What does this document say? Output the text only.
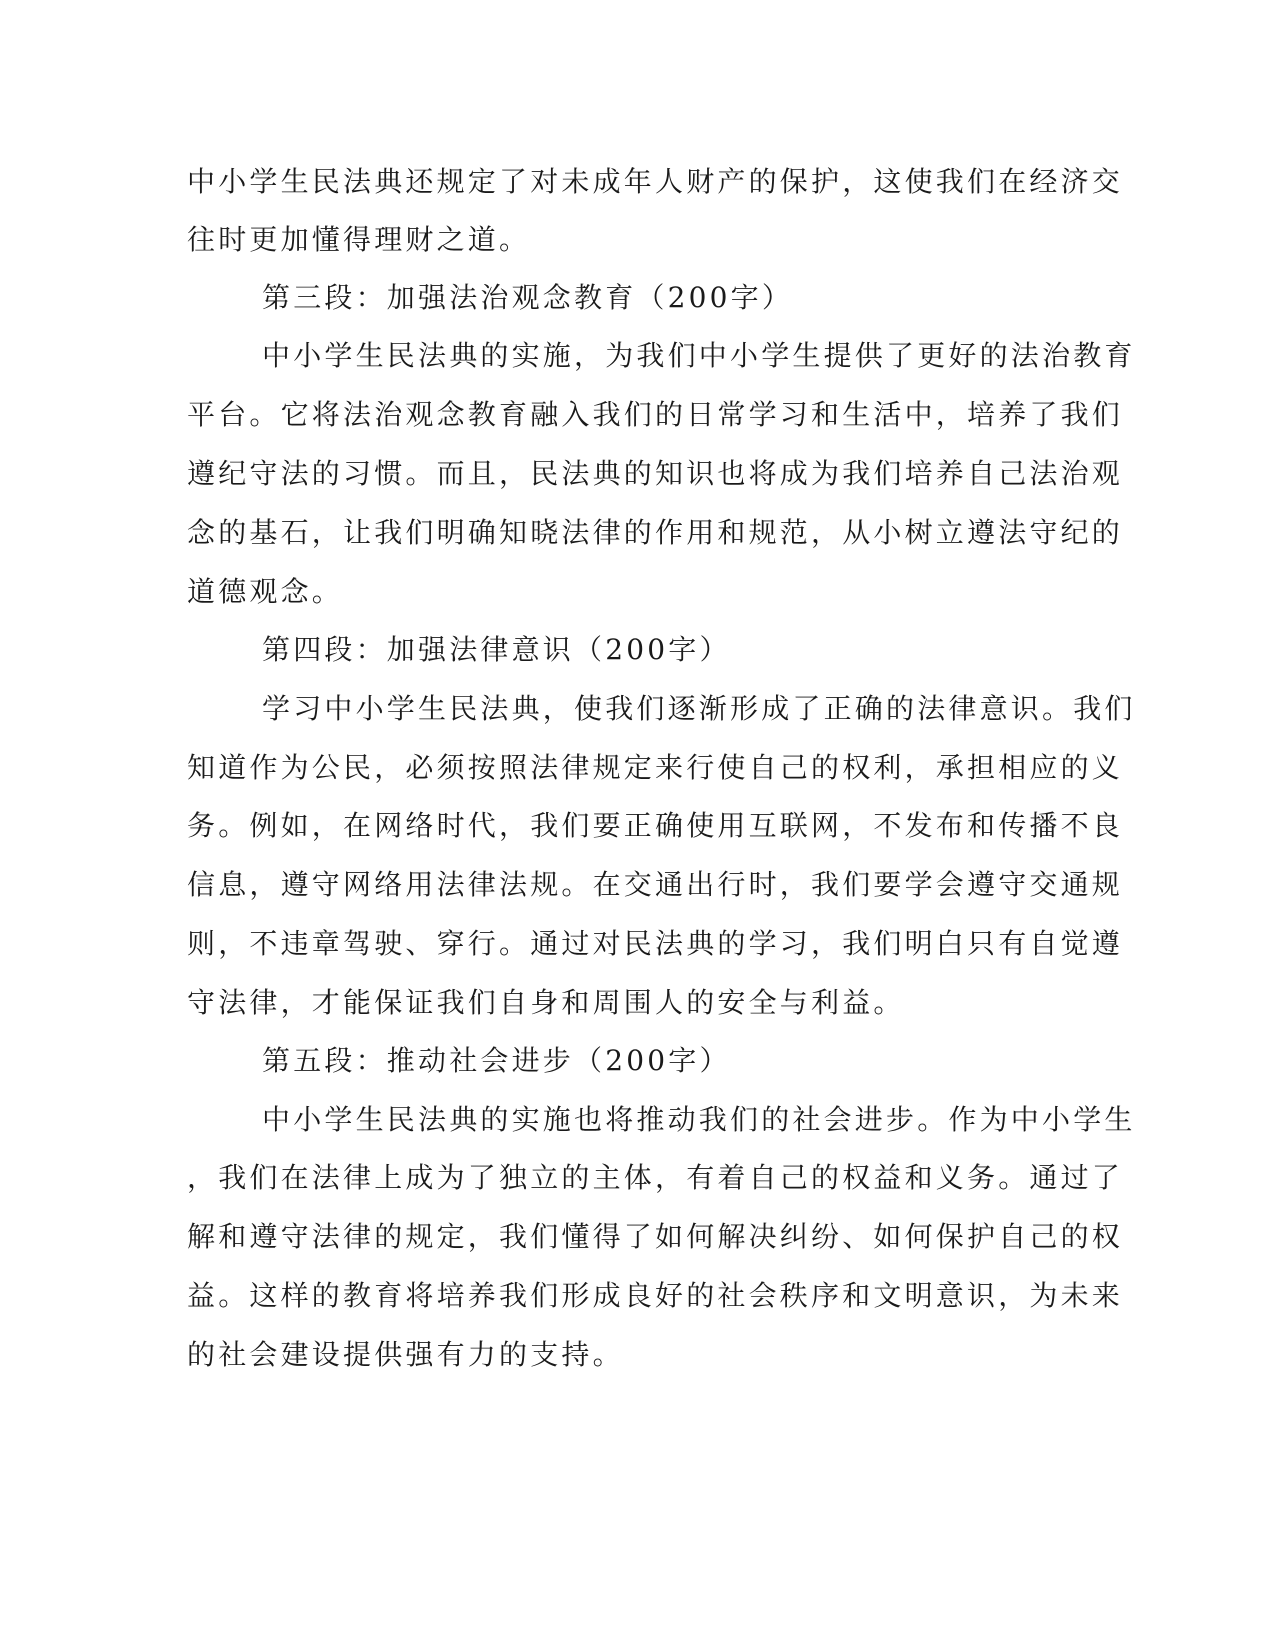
中小学生民法典还规定了对未成年人财产的保护，这使我们在经济交
往时更加懂得理财之道。
第三段：加强法治观念教育（200字）
中小学生民法典的实施，为我们中小学生提供了更好的法治教育
平台。它将法治观念教育融入我们的日常学习和生活中，培养了我们
遵纪守法的习惯。而且，民法典的知识也将成为我们培养自己法治观
念的基石，让我们明确知晓法律的作用和规范，从小树立遵法守纪的
道德观念。
第四段：加强法律意识（200字）
学习中小学生民法典，使我们逐渐形成了正确的法律意识。我们
知道作为公民，必须按照法律规定来行使自己的权利，承担相应的义
务。例如，在网络时代，我们要正确使用互联网，不发布和传播不良
信息，遵守网络用法律法规。在交通出行时，我们要学会遵守交通规
则，不违章驾驶、穿行。通过对民法典的学习，我们明白只有自觉遵
守法律，才能保证我们自身和周围人的安全与利益。
第五段：推动社会进步（200字）
中小学生民法典的实施也将推动我们的社会进步。作为中小学生
，我们在法律上成为了独立的主体，有着自己的权益和义务。通过了
解和遵守法律的规定，我们懂得了如何解决纠纷、如何保护自己的权
益。这样的教育将培养我们形成良好的社会秩序和文明意识，为未来
的社会建设提供强有力的支持。
